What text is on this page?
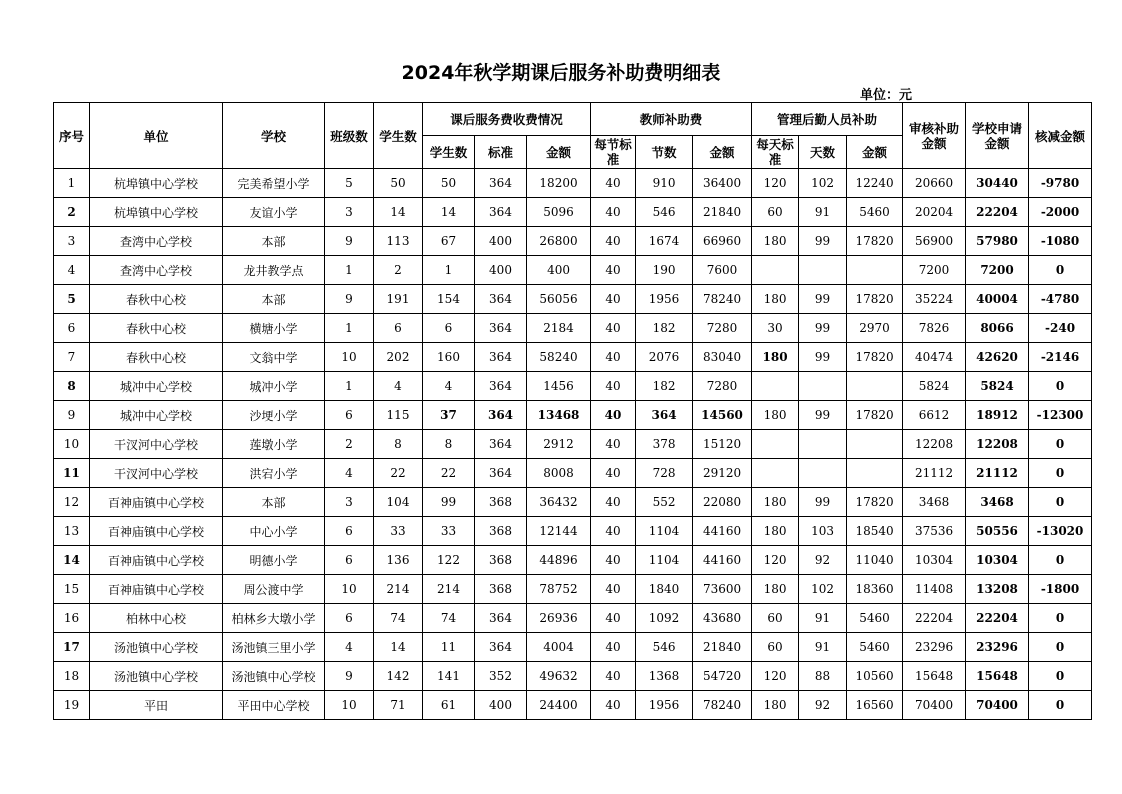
2024年秋学期课后服务补助费明细表
单位：元
序号	单位	学校	班级数	学生数	课后服务费收费情况			教师补助费			管理后勤人员补助			审核补助金额	学校申请金额	核减金额
					学生数	标准	金额	每节标准	节数	金额	每天标准	天数	金额			
1	杭埠镇中心学校	完美希望小学	5	50	50	364	18200	40	910	36400	120	102	12240	20660	30440	-9780
2	杭埠镇中心学校	友谊小学	3	14	14	364	5096	40	546	21840	60	91	5460	20204	22204	-2000
3	查湾中心学校	本部	9	113	67	400	26800	40	1674	66960	180	99	17820	56900	57980	-1080
4	查湾中心学校	龙井教学点	1	2	1	400	400	40	190	7600				7200	7200	0
5	春秋中心校	本部	9	191	154	364	56056	40	1956	78240	180	99	17820	35224	40004	-4780
6	春秋中心校	横塘小学	1	6	6	364	2184	40	182	7280	30	99	2970	7826	8066	-240
7	春秋中心校	文翁中学	10	202	160	364	58240	40	2076	83040	180	99	17820	40474	42620	-2146
8	城冲中心学校	城冲小学	1	4	4	364	1456	40	182	7280				5824	5824	0
9	城冲中心学校	沙埂小学	6	115	37	364	13468	40	364	14560	180	99	17820	6612	18912	-12300
10	干汊河中心学校	莲墩小学	2	8	8	364	2912	40	378	15120				12208	12208	0
11	干汊河中心学校	洪宕小学	4	22	22	364	8008	40	728	29120				21112	21112	0
12	百神庙镇中心学校	本部	3	104	99	368	36432	40	552	22080	180	99	17820	3468	3468	0
13	百神庙镇中心学校	中心小学	6	33	33	368	12144	40	1104	44160	180	103	18540	37536	50556	-13020
14	百神庙镇中心学校	明德小学	6	136	122	368	44896	40	1104	44160	120	92	11040	10304	10304	0
15	百神庙镇中心学校	周公渡中学	10	214	214	368	78752	40	1840	73600	180	102	18360	11408	13208	-1800
16	柏林中心校	柏林乡大墩小学	6	74	74	364	26936	40	1092	43680	60	91	5460	22204	22204	0
17	汤池镇中心学校	汤池镇三里小学	4	14	11	364	4004	40	546	21840	60	91	5460	23296	23296	0
18	汤池镇中心学校	汤池镇中心学校	9	142	141	352	49632	40	1368	54720	120	88	10560	15648	15648	0
19	平田	平田中心学校	10	71	61	400	24400	40	1956	78240	180	92	16560	70400	70400	0
